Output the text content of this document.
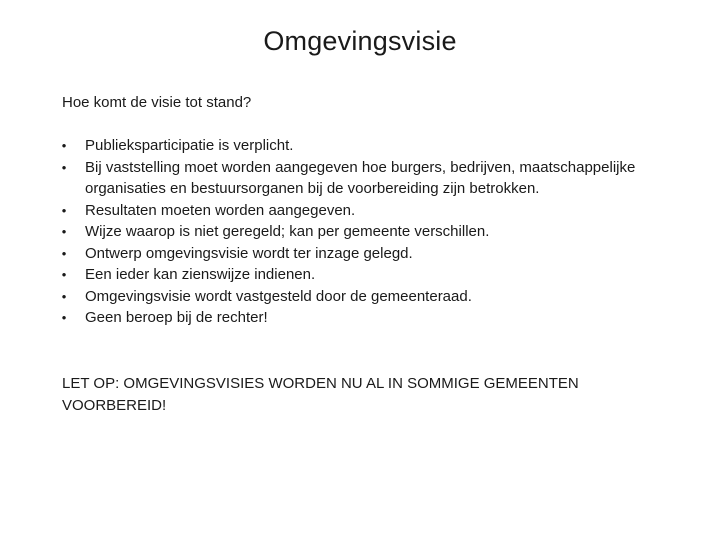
Omgevingsvisie
Hoe komt de visie tot stand?
• Publieksparticipatie is verplicht.
• Bij vaststelling moet worden aangegeven hoe burgers, bedrijven, maatschappelijke organisaties en bestuursorganen bij de voorbereiding zijn betrokken.
• Resultaten moeten worden aangegeven.
• Wijze waarop is niet geregeld; kan per gemeente verschillen.
• Ontwerp omgevingsvisie wordt ter inzage gelegd.
• Een ieder kan zienswijze indienen.
• Omgevingsvisie wordt vastgesteld door de gemeenteraad.
• Geen beroep bij de rechter!
LET OP: OMGEVINGSVISIES WORDEN NU AL IN SOMMIGE GEMEENTEN VOORBEREID!
